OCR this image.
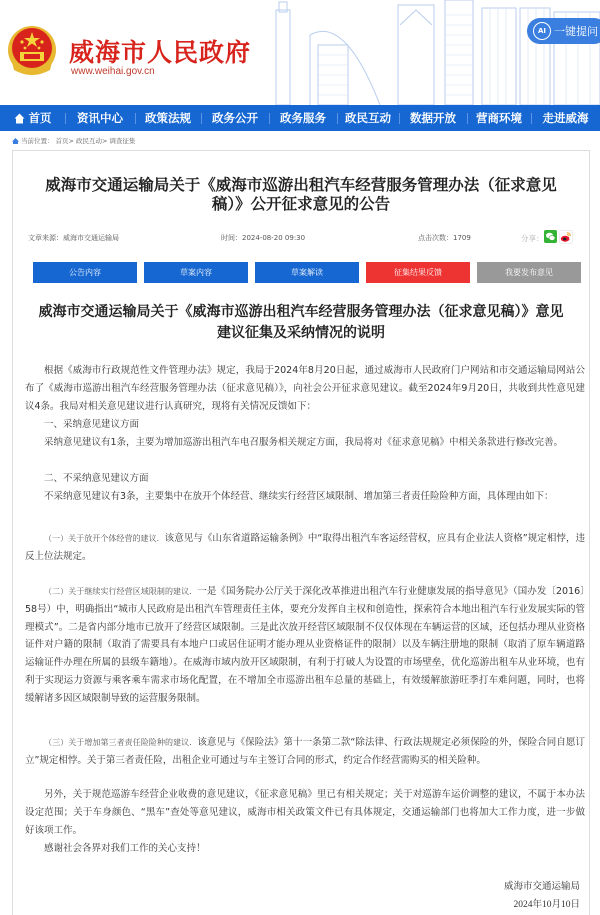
威海市人民政府
www.weihai.gov.cn
AI 一键提问
首页 资讯中心 政策法规 政务公开 政务服务 政民互动 数据开放 营商环境 走进威海
当前位置： 首页> 政民互动> 调查征集
威海市交通运输局关于《威海市巡游出租汽车经营服务管理办法（征求意见稿）》公开征求意见的公告
文章来源：威海市交通运输局	时间：2024-08-20 09:30	点击次数：1709	分享：
公告内容	草案内容	草案解读	征集结果反馈	我要发布意见
威海市交通运输局关于《威海市巡游出租汽车经营服务管理办法（征求意见稿）》意见建议征集及采纳情况的说明

根据《威海市行政规范性文件管理办法》规定，我局于2024年8月20日起，通过威海市人民政府门户网站和市交通运输局网站公布了《威海市巡游出租汽车经营服务管理办法（征求意见稿）》，向社会公开征求意见建议。截至2024年9月20日，共收到共性意见建议4条。我局对相关意见建议进行认真研究，现将有关情况反馈如下：

一、采纳意见建议方面

采纳意见建议有1条，主要为增加巡游出租汽车电召服务相关规定方面，我局将对《征求意见稿》中相关条款进行修改完善。

二、不采纳意见建议方面

不采纳意见建议有3条，主要集中在放开个体经营、继续实行经营区域限制、增加第三者责任险险种方面，具体理由如下：

（一）关于放开个体经营的建议．该意见与《山东省道路运输条例》中“取得出租汽车客运经营权，应具有企业法人资格”规定相悖，违反上位法规定。

（二）关于继续实行经营区域限制的建议．一是《国务院办公厅关于深化改革推进出租汽车行业健康发展的指导意见》（国办发〔2016〕58号）中，明确指出“城市人民政府是出租汽车管理责任主体，要充分发挥自主权和创造性，探索符合本地出租汽车行业发展实际的管理模式”。二是省内部分地市已放开了经营区域限制。三是此次放开经营区域限制不仅仅体现在车辆运营的区域，还包括办理从业资格证件对户籍的限制（取消了需要具有本地户口或居住证明才能办理从业资格证件的限制）以及车辆注册地的限制（取消了原车辆道路运输证件办理在所属的县级车籍地）。在威海市域内放开区域限制，有利于打破人为设置的市场壁垒，优化巡游出租车从业环境，也有利于实现运力资源与乘客乘车需求市场化配置，在不增加全市巡游出租车总量的基础上，有效缓解旅游旺季打车难问题，同时，也将缓解诸多因区域限制导致的运营服务限制。

（三）关于增加第三者责任险险种的建议．该意见与《保险法》第十一条第二款“除法律、行政法规规定必须保险的外，保险合同自愿订立”规定相悖。关于第三者责任险，出租企业可通过与车主签订合同的形式，约定合作经营需购买的相关险种。

另外，关于规范巡游车经营企业收费的意见建议，《征求意见稿》里已有相关规定；关于对巡游车运价调整的建议，不属于本办法设定范围；关于车身颜色、“黑车”查处等意见建议，威海市相关政策文件已有具体规定，交通运输部门也将加大工作力度，进一步做好该项工作。

感谢社会各界对我们工作的关心支持！

威海市交通运输局
2024年10月10日
